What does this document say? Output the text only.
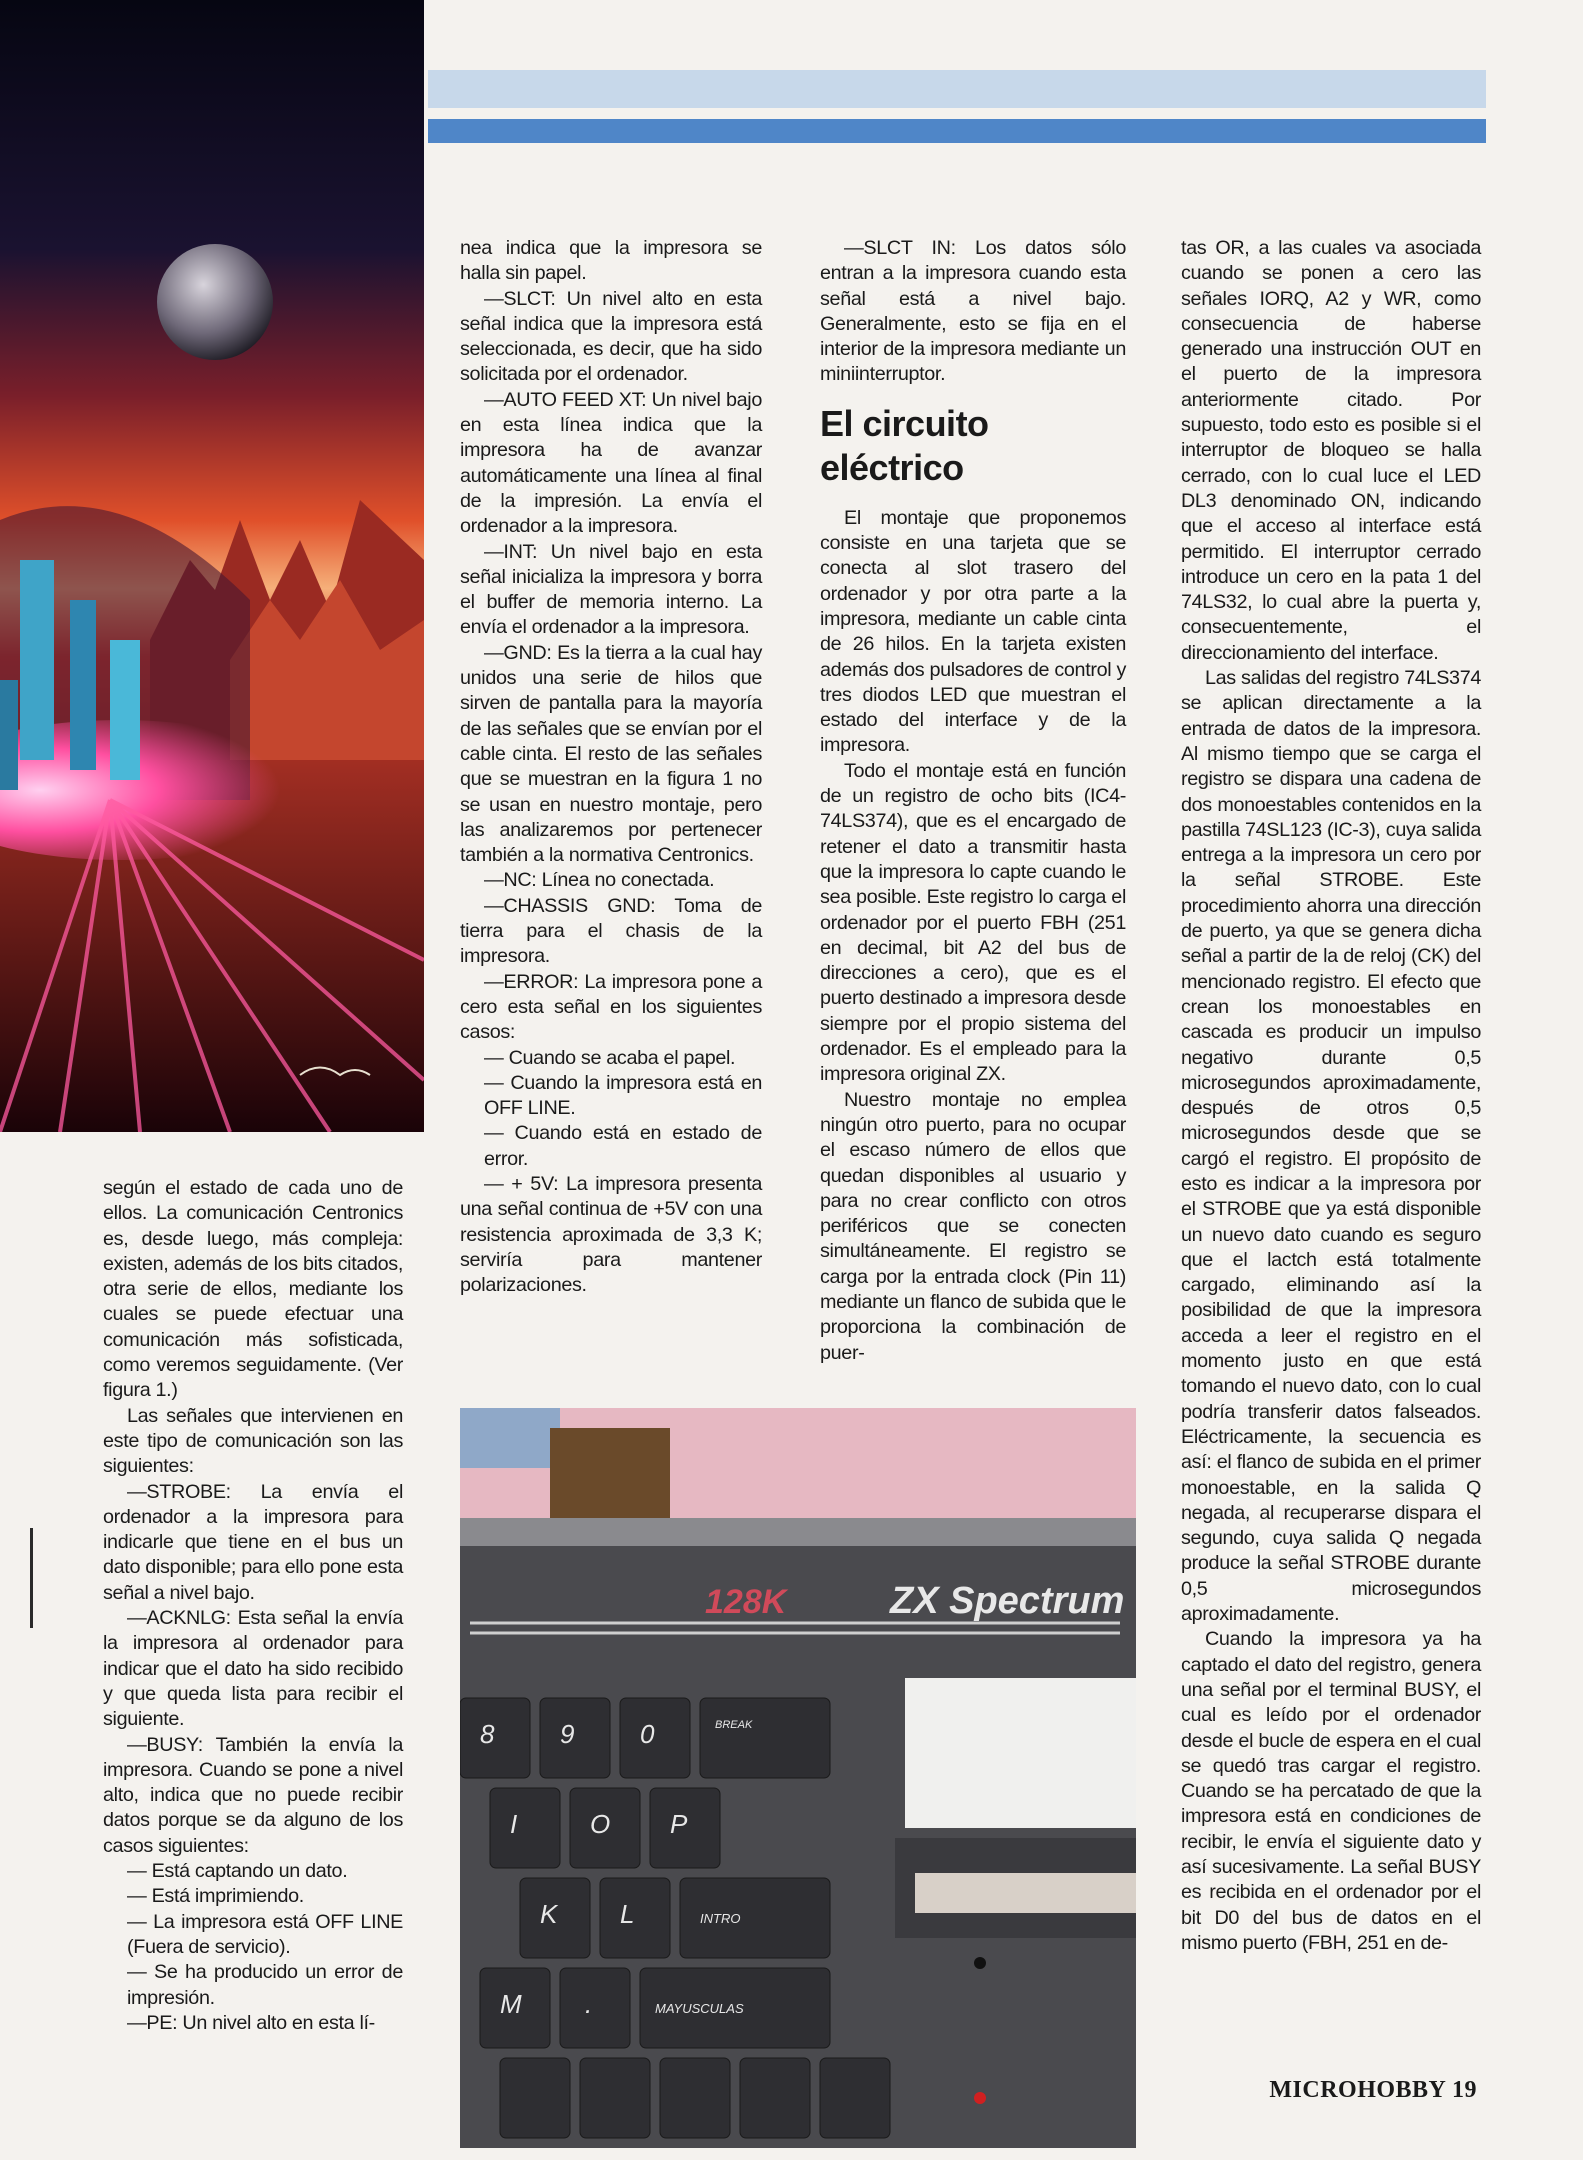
según el estado de cada uno de ellos. La comunicación Centronics es, desde luego, más compleja: existen, además de los bits citados, otra serie de ellos, mediante los cuales se puede efectuar una comunicación más sofisticada, como veremos seguidamente. (Ver figura 1.)

Las señales que intervienen en este tipo de comunicación son las siguientes:

—STROBE: La envía el ordenador a la impresora para indicarle que tiene en el bus un dato disponible; para ello pone esta señal a nivel bajo.

—ACKNLG: Esta señal la envía la impresora al ordenador para indicar que el dato ha sido recibido y que queda lista para recibir el siguiente.

—BUSY: También la envía la impresora. Cuando se pone a nivel alto, indica que no puede recibir datos porque se da alguno de los casos siguientes:

— Está captando un dato.

— Está imprimiendo.

— La impresora está OFF LINE (Fuera de servicio).

— Se ha producido un error de impresión.

—PE: Un nivel alto en esta lí-

nea indica que la impresora se halla sin papel.

—SLCT: Un nivel alto en esta señal indica que la impresora está seleccionada, es decir, que ha sido solicitada por el ordenador.

—AUTO FEED XT: Un nivel bajo en esta línea indica que la impresora ha de avanzar automáticamente una línea al final de la impresión. La envía el ordenador a la impresora.

—INT: Un nivel bajo en esta señal inicializa la impresora y borra el buffer de memoria interno. La envía el ordenador a la impresora.

—GND: Es la tierra a la cual hay unidos una serie de hilos que sirven de pantalla para la mayoría de las señales que se envían por el cable cinta. El resto de las señales que se muestran en la figura 1 no se usan en nuestro montaje, pero las analizaremos por pertenecer también a la normativa Centronics.

—NC: Línea no conectada.

—CHASSIS GND: Toma de tierra para el chasis de la impresora.

—ERROR: La impresora pone a cero esta señal en los siguientes casos:

— Cuando se acaba el papel.

— Cuando la impresora está en OFF LINE.

— Cuando está en estado de error.

— + 5V: La impresora presenta una señal continua de +5V con una resistencia aproximada de 3,3 K; serviría para mantener polarizaciones.

—SLCT IN: Los datos sólo entran a la impresora cuando esta señal está a nivel bajo. Generalmente, esto se fija en el interior de la impresora mediante un miniinterruptor.

El circuito eléctrico

El montaje que proponemos consiste en una tarjeta que se conecta al slot trasero del ordenador y por otra parte a la impresora, mediante un cable cinta de 26 hilos. En la tarjeta existen además dos pulsadores de control y tres diodos LED que muestran el estado del interface y de la impresora.

Todo el montaje está en función de un registro de ocho bits (IC4-74LS374), que es el encargado de retener el dato a transmitir hasta que la impresora lo capte cuando le sea posible. Este registro lo carga el ordenador por el puerto FBH (251 en decimal, bit A2 del bus de direcciones a cero), que es el puerto destinado a impresora desde siempre por el propio sistema del ordenador. Es el empleado para la impresora original ZX.

Nuestro montaje no emplea ningún otro puerto, para no ocupar el escaso número de ellos que quedan disponibles al usuario y para no crear conflicto con otros periféricos que se conecten simultáneamente. El registro se carga por la entrada clock (Pin 11) mediante un flanco de subida que le proporciona la combinación de puer-

tas OR, a las cuales va asociada cuando se ponen a cero las señales IORQ, A2 y WR, como consecuencia de haberse generado una instrucción OUT en el puerto de la impresora anteriormente citado. Por supuesto, todo esto es posible si el interruptor de bloqueo se halla cerrado, con lo cual luce el LED DL3 denominado ON, indicando que el acceso al interface está permitido. El interruptor cerrado introduce un cero en la pata 1 del 74LS32, lo cual abre la puerta y, consecuentemente, el direccionamiento del interface.

Las salidas del registro 74LS374 se aplican directamente a la entrada de datos de la impresora. Al mismo tiempo que se carga el registro se dispara una cadena de dos monoestables contenidos en la pastilla 74SL123 (IC-3), cuya salida entrega a la impresora un cero por la señal STROBE. Este procedimiento ahorra una dirección de puerto, ya que se genera dicha señal a partir de la de reloj (CK) del mencionado registro. El efecto que crean los monoestables en cascada es producir un impulso negativo durante 0,5 microsegundos aproximadamente, después de otros 0,5 microsegundos desde que se cargó el registro. El propósito de esto es indicar a la impresora por el STROBE que ya está disponible un nuevo dato cuando es seguro que el lactch está totalmente cargado, eliminando así la posibilidad de que la impresora acceda a leer el registro en el momento justo en que está tomando el nuevo dato, con lo cual podría transferir datos falseados. Eléctricamente, la secuencia es así: el flanco de subida en el primer monoestable, en la salida Q negada, al recuperarse dispara el segundo, cuya salida Q negada produce la señal STROBE durante 0,5 microsegundos aproximadamente.

Cuando la impresora ya ha captado el dato del registro, genera una señal por el terminal BUSY, el cual es leído por el ordenador desde el bucle de espera en el cual se quedó tras cargar el registro. Cuando se ha percatado de que la impresora está en condiciones de recibir, le envía el siguiente dato y así sucesivamente. La señal BUSY es recibida en el ordenador por el bit D0 del bus de datos en el mismo puerto (FBH, 251 en de-

128K	ZX Spectrum
8	9	0	BREAK
I	O P
K L	INTRO
M .	MAYUSCULAS
MICROHOBBY 19
